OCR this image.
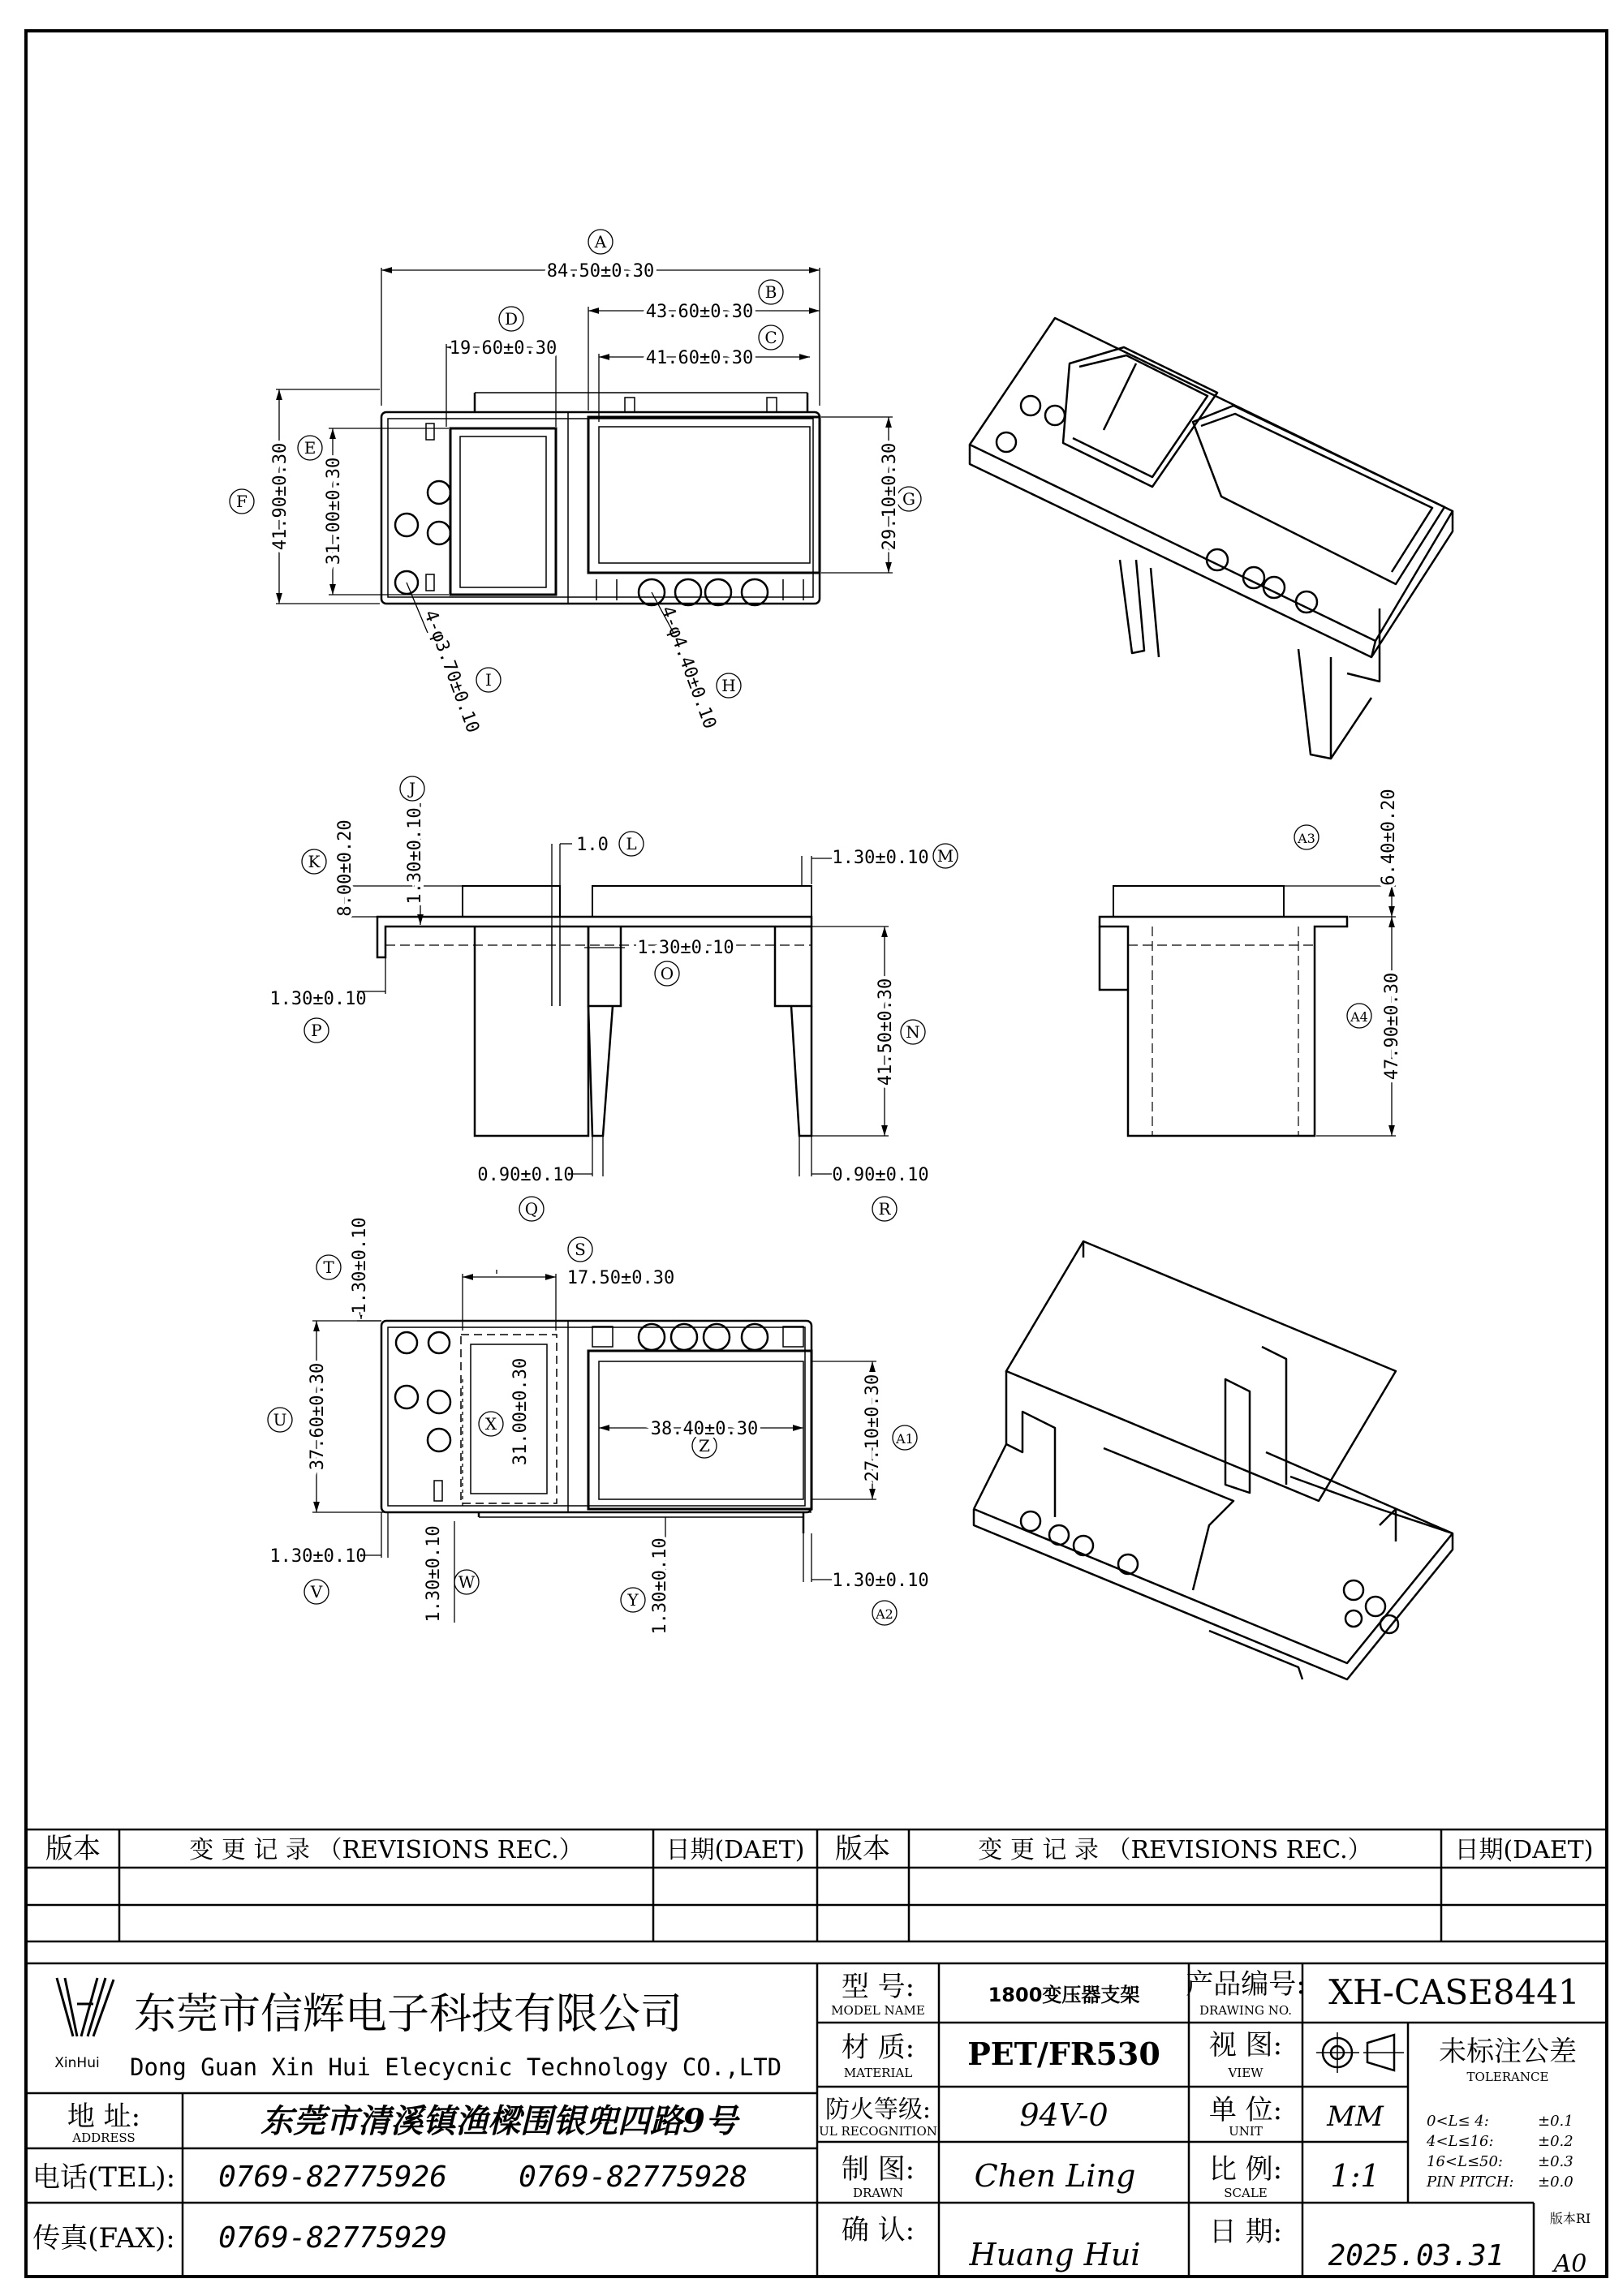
A
84.50±0.30
B
43.60±0.30
C
41.60±0.30
D
19.60±0.30
E
31.00±0.30
F 41.90±0.30	G
29.10±0.30
H
4-φ4.40±0.10
I
4-φ3.70±0.10
J
1.30±0.10
K 8.00±0.20	L
1.0
M
1.30±0.10
N
41.50±0.30
O
1.30±0.10
P
1.30±0.10
Q
0.90±0.10
R
0.90±0.10
A3	6.40±0.20
A4 47.90±0.30
S
17.50±0.30
T 1.30±0.10
U 37.60±0.30
V
1.30±0.10
W
1.30±0.10
X 31.00±0.30
Y 1.30±0.10
Z
38.40±0.30	A1
27.10±0.30
A2
1.30±0.10
版本	变 更 记 录 （REVISIONS REC.）	日期(DAET) 版本	变 更 记 录 （REVISIONS REC.）	日期(DAET)
XinHui
东莞市信辉电子科技有限公司
Dong Guan Xin Hui Elecycnic Technology CO.,LTD
地 址:
ADDRESS	东莞市清溪镇渔樑围银兜四路9号
电话(TEL): 0769-82775926 0769-82775928
传真(FAX): 0769-82775929
型 号:
MODEL NAME
1800变压器支架
材 质:
MATERIAL
PET/FR530
防火等级:
UL RECOGNITION	94V-0
制 图:
DRAWN Chen Ling
确 认:
Huang Hui
产品编号:
DRAWING NO. XH-CASE8441
视 图:
VIEW
单 位:
UNIT MM
比 例:
SCALE 1:1
日 期:
2025.03.31
未标注公差
TOLERANCE
0<L≤ 4:	±0.1
4<L≤16:	±0.2
16<L≤50: ±0.3
PIN PITCH: ±0.0
版本RI
A0
